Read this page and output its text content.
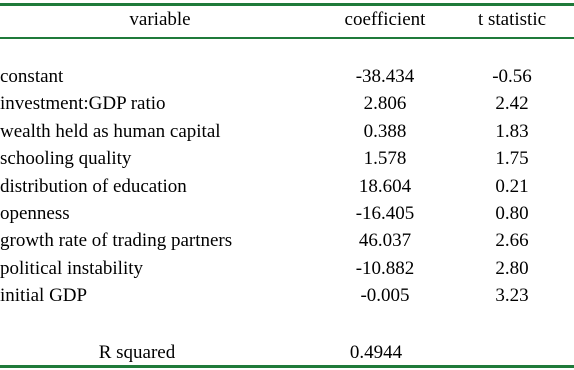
variable	coefficient	t statistic
constant	-38.434	-0.56
investment:GDP ratio	2.806	2.42
wealth held as human capital	0.388	1.83
schooling quality	1.578	1.75
distribution of education	18.604	0.21
openness	-16.405	0.80
growth rate of trading partners	46.037	2.66
political instability	-10.882	2.80
initial GDP	-0.005	3.23
R squared	0.4944
